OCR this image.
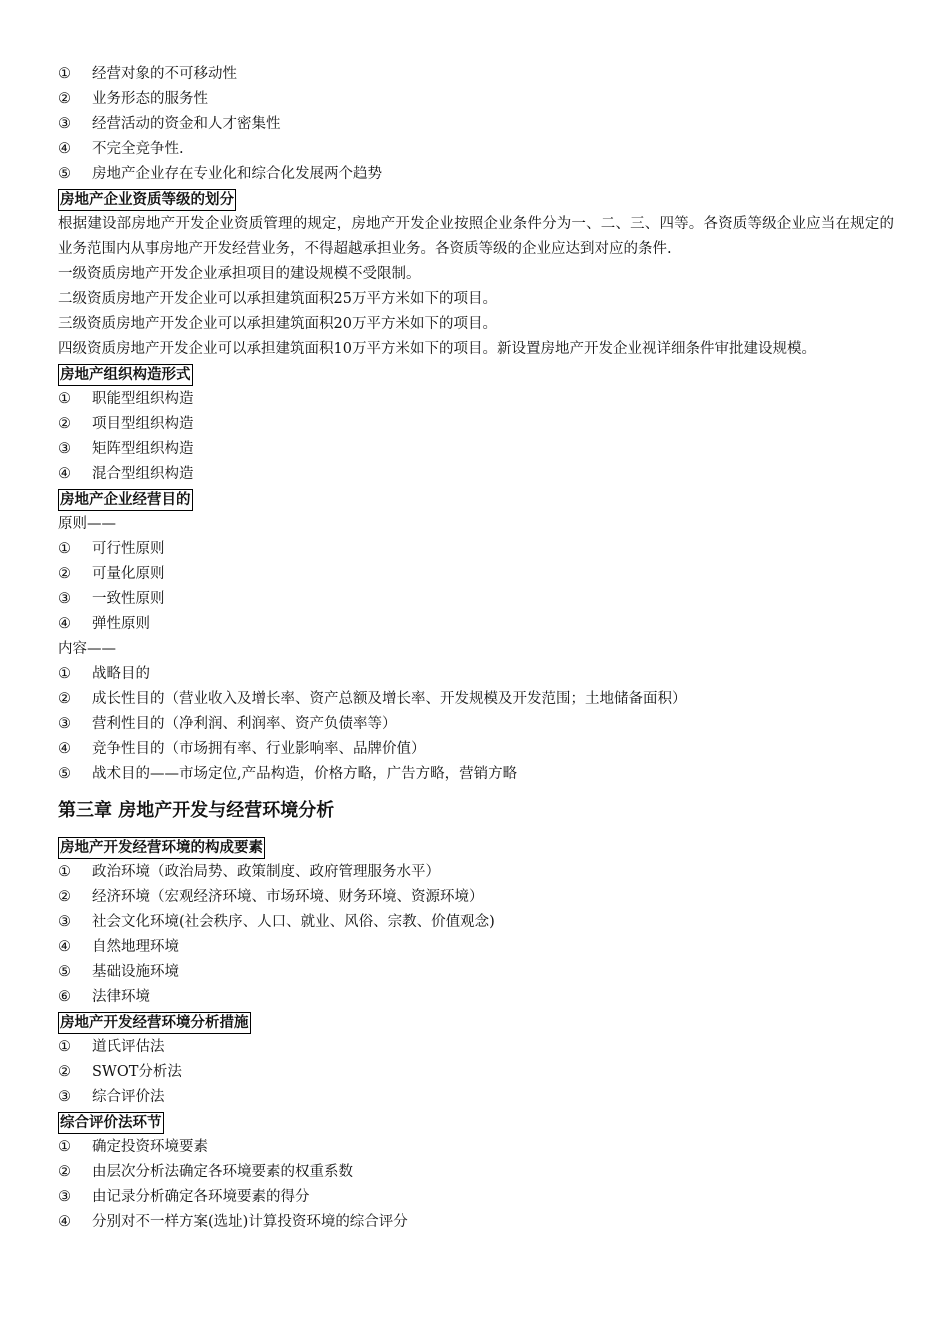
① 经营对象的不可移动性
② 业务形态的服务性
③ 经营活动的资金和人才密集性
④ 不完全竞争性.
⑤ 房地产企业存在专业化和综合化发展两个趋势
房地产企业资质等级的划分
根据建设部房地产开发企业资质管理的规定，房地产开发企业按照企业条件分为一、二、三、四等。各资质等级企业应当在规定的业务范围内从事房地产开发经营业务，不得超越承担业务。各资质等级的企业应达到对应的条件.
一级资质房地产开发企业承担项目的建设规模不受限制。
二级资质房地产开发企业可以承担建筑面积25万平方米如下的项目。
三级资质房地产开发企业可以承担建筑面积20万平方米如下的项目。
四级资质房地产开发企业可以承担建筑面积10万平方米如下的项目。新设置房地产开发企业视详细条件审批建设规模。
房地产组织构造形式
① 职能型组织构造
② 项目型组织构造
③ 矩阵型组织构造
④ 混合型组织构造
房地产企业经营目的
原则——
① 可行性原则
② 可量化原则
③ 一致性原则
④ 弹性原则
内容——
① 战略目的
② 成长性目的（营业收入及增长率、资产总额及增长率、开发规模及开发范围；土地储备面积）
③ 营利性目的（净利润、利润率、资产负债率等）
④ 竞争性目的（市场拥有率、行业影响率、品牌价值）
⑤ 战术目的——市场定位,产品构造，价格方略，广告方略，营销方略
第三章 房地产开发与经营环境分析
房地产开发经营环境的构成要素
① 政治环境（政治局势、政策制度、政府管理服务水平）
② 经济环境（宏观经济环境、市场环境、财务环境、资源环境）
③ 社会文化环境(社会秩序、人口、就业、风俗、宗教、价值观念)
④ 自然地理环境
⑤ 基础设施环境
⑥ 法律环境
房地产开发经营环境分析措施
① 道氏评估法
② SWOT分析法
③ 综合评价法
综合评价法环节
① 确定投资环境要素
② 由层次分析法确定各环境要素的权重系数
③ 由记录分析确定各环境要素的得分
④ 分别对不一样方案(选址)计算投资环境的综合评分
